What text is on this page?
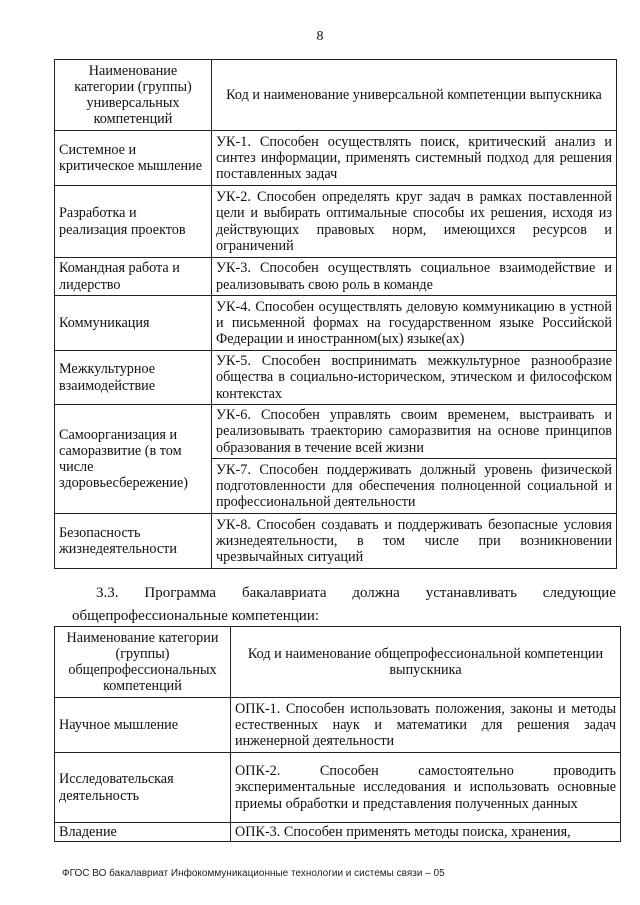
8
Наименование категории (группы) универсальных компетенций	Код и наименование универсальной компетенции выпускника
Системное и критическое мышление	УК-1. Способен осуществлять поиск, критический анализ и синтез информации, применять системный подход для решения поставленных задач
Разработка и реализация проектов	УК-2. Способен определять круг задач в рамках поставленной цели и выбирать оптимальные способы их решения, исходя из действующих правовых норм, имеющихся ресурсов и ограничений
Командная работа и лидерство	УК-3. Способен осуществлять социальное взаимодействие и реализовывать свою роль в команде
Коммуникация	УК-4. Способен осуществлять деловую коммуникацию в устной и письменной формах на государственном языке Российской Федерации и иностранном(ых) языке(ах)
Межкультурное взаимодействие	УК-5. Способен воспринимать межкультурное разнообразие общества в социально-историческом, этическом и философском контекстах
Самоорганизация и саморазвитие (в том числе здоровьесбережение)	УК-6. Способен управлять своим временем, выстраивать и реализовывать траекторию саморазвития на основе принципов образования в течение всей жизни
	УК-7. Способен поддерживать должный уровень физической подготовленности для обеспечения полноценной социальной и профессиональной деятельности
Безопасность жизнедеятельности	УК-8. Способен создавать и поддерживать безопасные условия жизнедеятельности, в том числе при возникновении чрезвычайных ситуаций
3.3. Программа бакалавриата должна устанавливать следующие
общепрофессиональные компетенции:
Наименование категории (группы) общепрофессиональных компетенций	Код и наименование общепрофессиональной компетенции выпускника
Научное мышление	ОПК-1. Способен использовать положения, законы и методы естественных наук и математики для решения задач инженерной деятельности
Исследовательская деятельность	ОПК-2. Способен самостоятельно проводить экспериментальные исследования и использовать основные приемы обработки и представления полученных данных
Владение	ОПК-3. Способен применять методы поиска, хранения,
ФГОС ВО бакалавриат Инфокоммуникационные технологии и системы связи – 05
